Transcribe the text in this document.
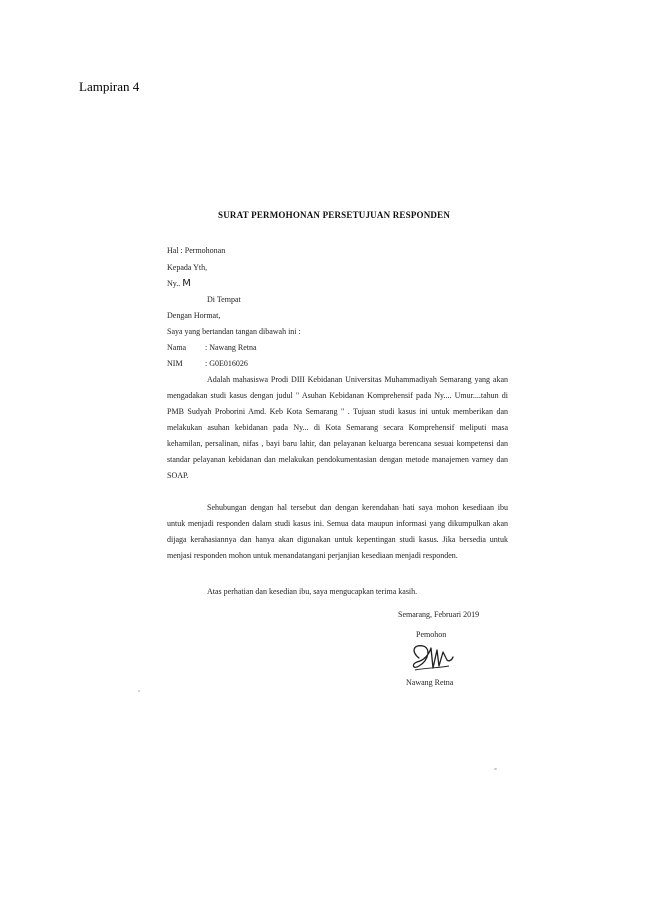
Lampiran 4
SURAT PERMOHONAN PERSETUJUAN RESPONDEN
Hal : Permohonan
Kepada Yth,
Ny.. M
Di Tempat
Dengan Hormat,
Saya yang bertandan tangan dibawah ini :
Nama : Nawang Retna
NIM	: G0E016026
Adalah mahasiswa Prodi DIII Kebidanan Universitas Muhammadiyah Semarang yang akan mengadakan studi kasus dengan judul " Asuhan Kebidanan Komprehensif pada Ny.... Umur....tahun di PMB Sudyah Proborini Amd. Keb Kota Semarang " . Tujuan studi kasus ini untuk memberikan dan melakukan asuhan kebidanan pada Ny... di Kota Semarang secara Komprehensif meliputi masa kehamilan, persalinan, nifas , bayi baru lahir, dan pelayanan keluarga berencana sesuai kompetensi dan standar pelayanan kebidanan dan melakukan pendokumentasian dengan metode manajemen varney dan SOAP.
Sehubungan dengan hal tersebut dan dengan kerendahan hati saya mohon kesediaan ibu untuk menjadi responden dalam studi kasus ini. Semua data maupun informasi yang dikumpulkan akan dijaga kerahasiannya dan hanya akan digunakan untuk kepentingan studi kasus. Jika bersedia untuk menjasi responden mohon untuk menandatangani perjanjian kesediaan menjadi responden.
Atas perhatian dan kesedian ibu, saya mengucapkan terima kasih.
Semarang, Februari 2019
Pemohon
Nawang Retna
